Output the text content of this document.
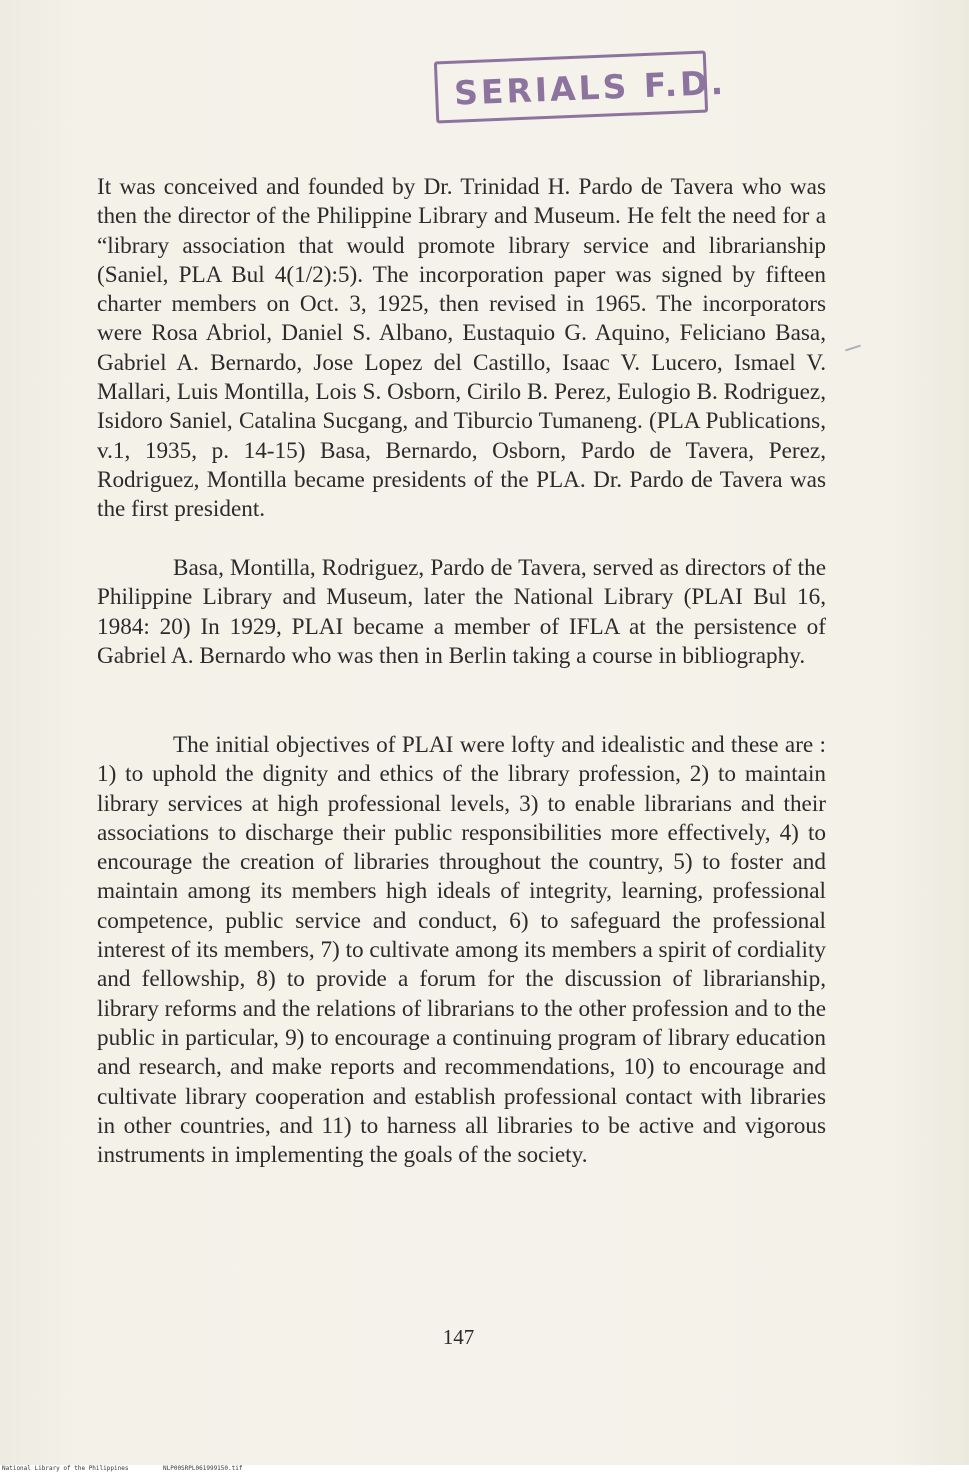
SERIALS F.D.

It was conceived and founded by Dr. Trinidad H. Pardo de Tavera who was then the director of the Philippine Library and Museum. He felt the need for a “library association that would promote library service and librarianship (Saniel, PLA Bul 4(1/2):5). The incorporation paper was signed by fifteen charter members on Oct. 3, 1925, then revised in 1965. The incorporators were Rosa Abriol, Daniel S. Albano, Eustaquio G. Aquino, Feliciano Basa, Gabriel A. Bernardo, Jose Lopez del Castillo, Isaac V. Lucero, Ismael V. Mallari, Luis Montilla, Lois S. Osborn, Cirilo B. Perez, Eulogio B. Rodriguez, Isidoro Saniel, Catalina Sucgang, and Tiburcio Tumaneng. (PLA Publications, v.1, 1935, p. 14-15) Basa, Bernardo, Osborn, Pardo de Tavera, Perez, Rodriguez, Montilla became presidents of the PLA. Dr. Pardo de Tavera was the first president.

Basa, Montilla, Rodriguez, Pardo de Tavera, served as directors of the Philippine Library and Museum, later the National Library (PLAI Bul 16, 1984: 20) In 1929, PLAI became a member of IFLA at the persistence of Gabriel A. Bernardo who was then in Berlin taking a course in bibliography.

The initial objectives of PLAI were lofty and idealistic and these are : 1) to uphold the dignity and ethics of the library profession, 2) to maintain library services at high professional levels, 3) to enable librarians and their associations to discharge their public responsibilities more effectively, 4) to encourage the creation of libraries throughout the country, 5) to foster and maintain among its members high ideals of integrity, learning, professional competence, public service and conduct, 6) to safeguard the professional interest of its members, 7) to cultivate among its members a spirit of cordiality and fellowship, 8) to provide a forum for the discussion of librarianship, library reforms and the relations of librarians to the other profession and to the public in particular, 9) to encourage a continuing program of library education and research, and make reports and recommendations, 10) to encourage and cultivate library cooperation and establish professional contact with libraries in other countries, and 11) to harness all libraries to be active and vigorous instruments in implementing the goals of the society.

147
National Library of the Philippines	NLP00SRPL061999150.tif
